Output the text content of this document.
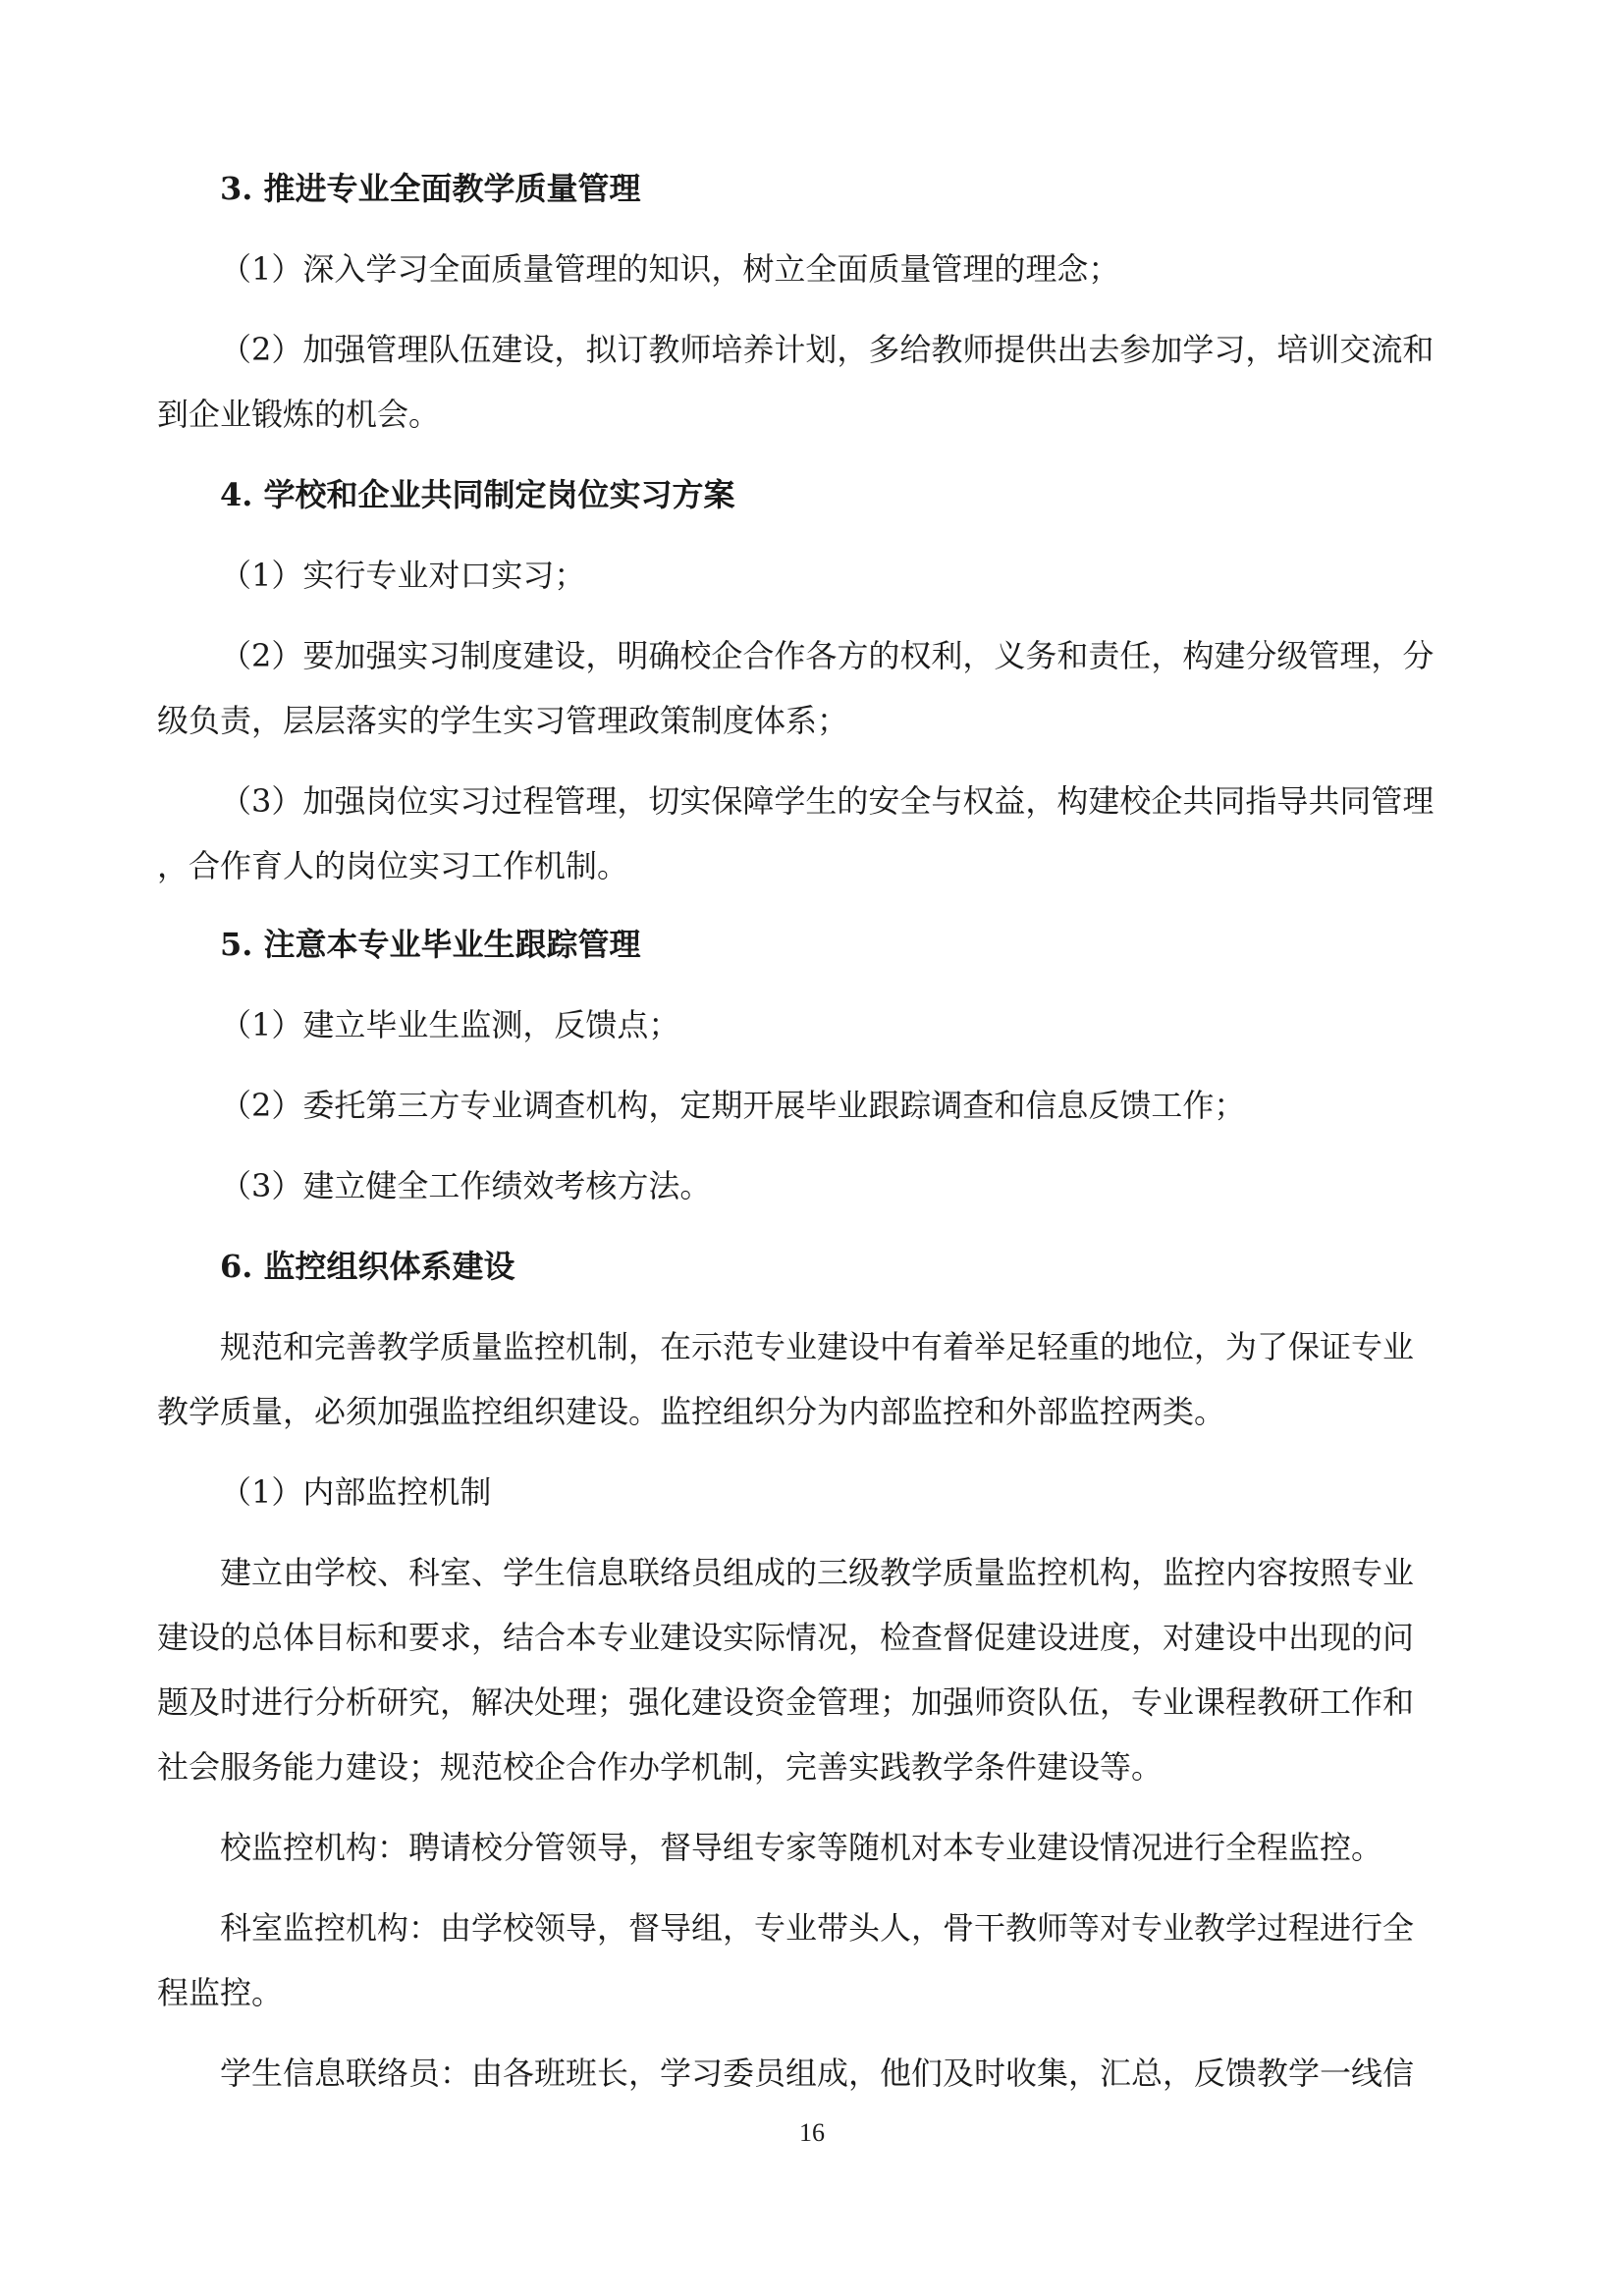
3. 推进专业全面教学质量管理
（1）深入学习全面质量管理的知识，树立全面质量管理的理念；
（2）加强管理队伍建设，拟订教师培养计划，多给教师提供出去参加学习，培训交流和
到企业锻炼的机会。
4. 学校和企业共同制定岗位实习方案
（1）实行专业对口实习；
（2）要加强实习制度建设，明确校企合作各方的权利，义务和责任，构建分级管理，分
级负责，层层落实的学生实习管理政策制度体系；
（3）加强岗位实习过程管理，切实保障学生的安全与权益，构建校企共同指导共同管理
，合作育人的岗位实习工作机制。
5. 注意本专业毕业生跟踪管理
（1）建立毕业生监测，反馈点；
（2）委托第三方专业调查机构，定期开展毕业跟踪调查和信息反馈工作；
（3）建立健全工作绩效考核方法。
6. 监控组织体系建设
规范和完善教学质量监控机制，在示范专业建设中有着举足轻重的地位，为了保证专业
教学质量，必须加强监控组织建设。监控组织分为内部监控和外部监控两类。
（1）内部监控机制
建立由学校、科室、学生信息联络员组成的三级教学质量监控机构，监控内容按照专业
建设的总体目标和要求，结合本专业建设实际情况，检查督促建设进度，对建设中出现的问
题及时进行分析研究，解决处理；强化建设资金管理；加强师资队伍，专业课程教研工作和
社会服务能力建设；规范校企合作办学机制，完善实践教学条件建设等。
校监控机构：聘请校分管领导，督导组专家等随机对本专业建设情况进行全程监控。
科室监控机构：由学校领导，督导组，专业带头人，骨干教师等对专业教学过程进行全
程监控。
学生信息联络员：由各班班长，学习委员组成，他们及时收集，汇总，反馈教学一线信
16
